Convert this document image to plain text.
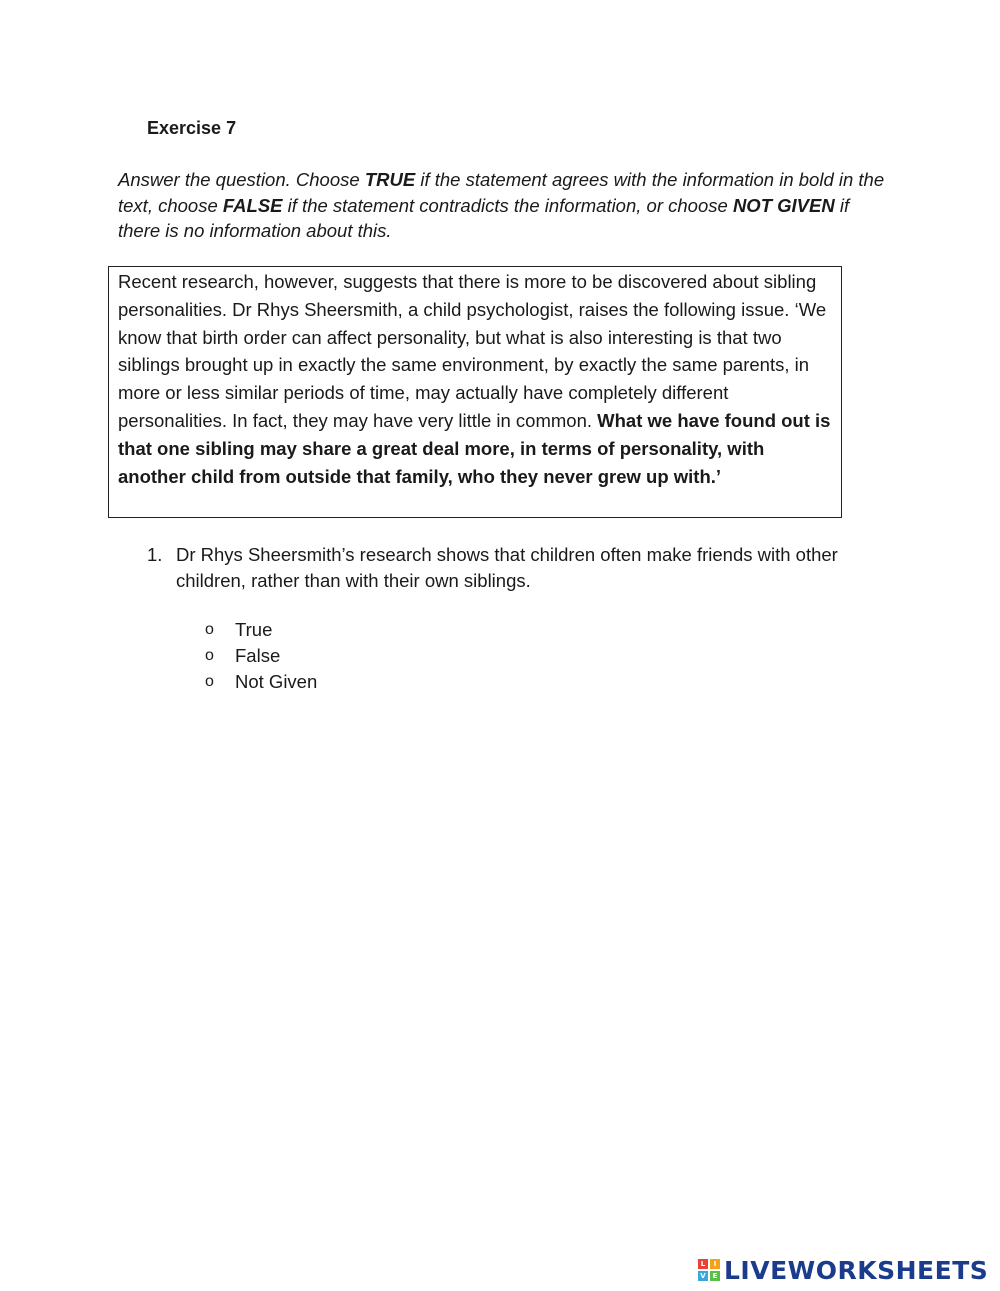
Exercise 7

Answer the question. Choose TRUE if the statement agrees with the information in bold in the text, choose FALSE if the statement contradicts the information, or choose NOT GIVEN if there is no information about this.

Recent research, however, suggests that there is more to be discovered about sibling personalities. Dr Rhys Sheersmith, a child psychologist, raises the following issue. ‘We know that birth order can affect personality, but what is also interesting is that two siblings brought up in exactly the same environment, by exactly the same parents, in more or less similar periods of time, may actually have completely different personalities. In fact, they may have very little in common. What we have found out is that one sibling may share a great deal more, in terms of personality, with another child from outside that family, who they never grew up with.’

1. Dr Rhys Sheersmith’s research shows that children often make friends with other children, rather than with their own siblings.
o	True
o	False
o	Not Given
L	I
V E LIVEWORKSHEETS
